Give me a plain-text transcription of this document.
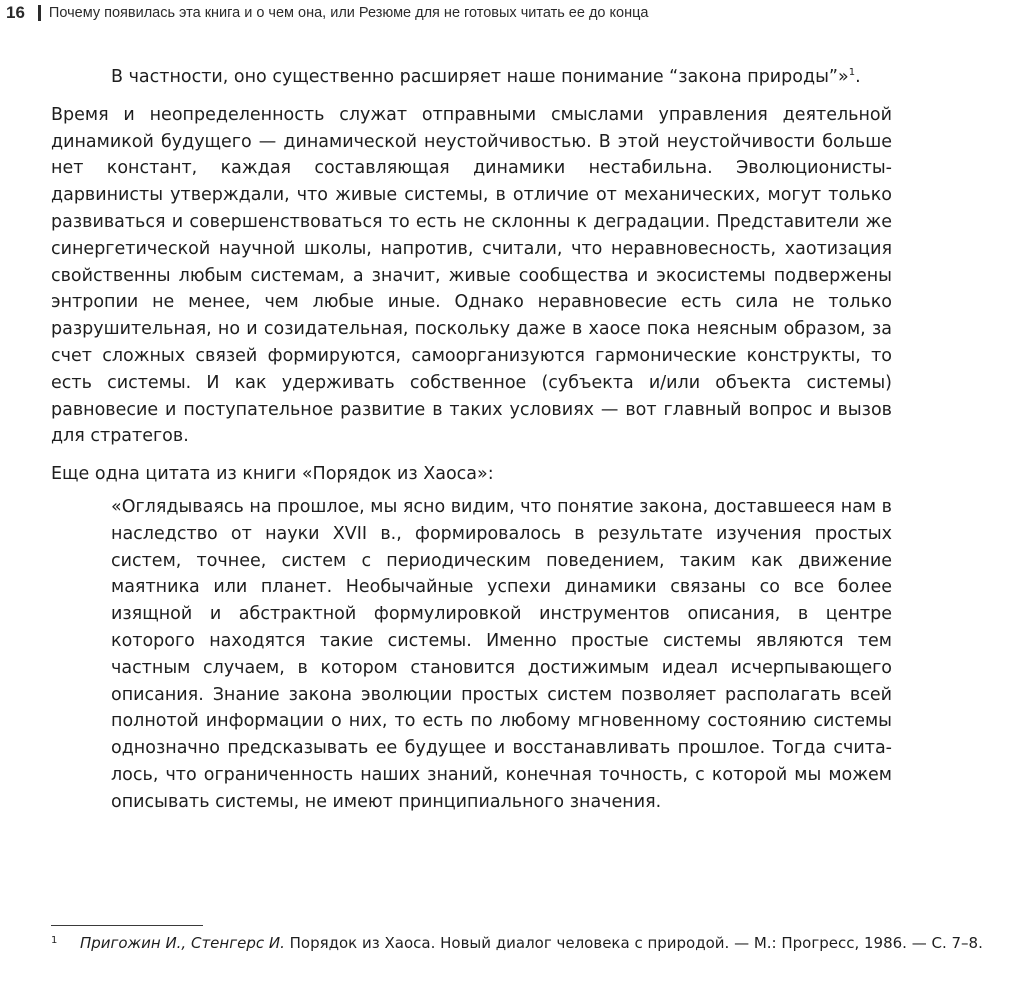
16 Почему появилась эта книга и о чем она, или Резюме для не готовых читать ее до конца

В частности, оно существенно расширяет наше понимание “закона природы”»$^1$.

Время и неопределенность служат отправными смыслами управления деятельной динамикой будущего — динамической неустойчивостью. В этой неустойчивости больше нет констант, каждая составляющая динамики нестабильна. Эволюционисты-дарвинисты утверждали, что живые системы, в отличие от механических, могут только развиваться и совершенствоваться то есть не склонны к деградации. Представители же синергетической научной школы, напротив, считали, что неравновесность, хаотизация свойственны любым системам, а значит, живые сообщества и экосистемы подвержены энтропии не менее, чем любые иные. Однако неравновесие есть сила не только разрушительная, но и созидательная, поскольку даже в хаосе пока неясным образом, за счет сложных связей формируются, самоорганизуются гармонические конструкты, то есть системы. И как удерживать собственное (субъекта и/или объекта системы) равновесие и поступательное развитие в таких условиях — вот главный вопрос и вызов для стратегов.

Еще одна цитата из книги «Порядок из Хаоса»:

«Оглядываясь на прошлое, мы ясно видим, что понятие закона, доставшееся нам в наследство от науки XVII в., формировалось в результате изучения простых систем, точнее, систем с периодическим поведением, таким как движение маятника или планет. Необычайные успехи динамики связаны со все более изящной и абстрактной формулировкой инструментов описания, в центре которого находятся такие системы. Именно простые системы являются тем частным случаем, в котором становится достижимым идеал исчерпывающего описания. Знание закона эволюции простых систем позволяет располагать всей полнотой информации о них, то есть по любому мгновенному состоянию системы однозначно предсказывать ее будущее и восстанавливать прошлое. Тогда считалось, что ограниченность наших знаний, конечная точность, с которой мы можем описывать системы, не имеют принципиального значения.

1 Пригожин И., Стенгерс И. Порядок из Хаоса. Новый диалог человека с природой. — М.: Прогресс, 1986. — С. 7–8.
